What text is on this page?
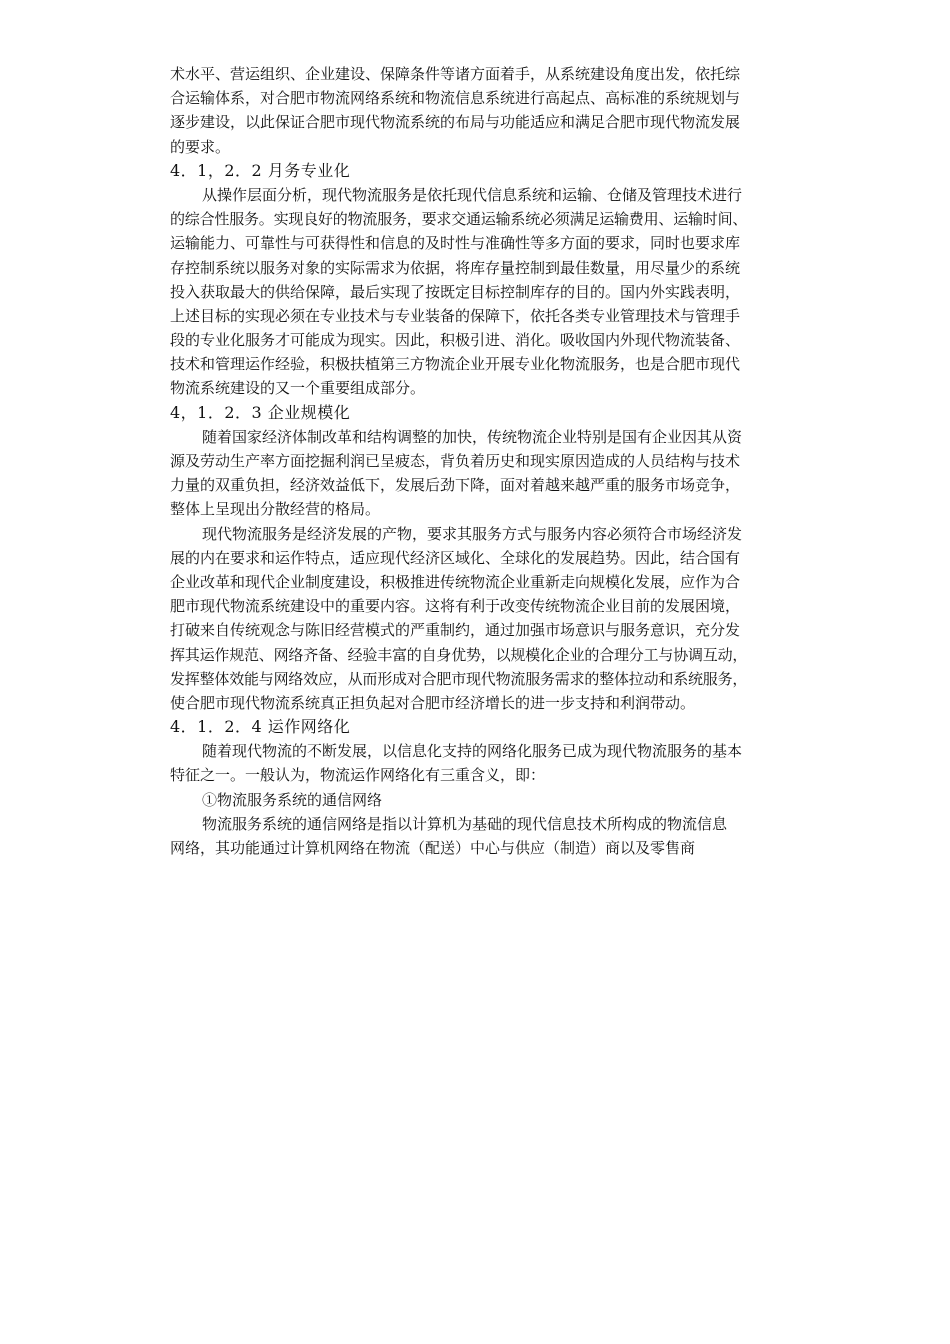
术水平、营运组织、企业建设、保障条件等诸方面着手，从系统建设角度出发，依托综
合运输体系，对合肥市物流网络系统和物流信息系统进行高起点、高标准的系统规划与
逐步建设，以此保证合肥市现代物流系统的布局与功能适应和满足合肥市现代物流发展
的要求。
4．1，2．2 月务专业化
从操作层面分析，现代物流服务是依托现代信息系统和运输、仓储及管理技术进行
的综合性服务。实现良好的物流服务，要求交通运输系统必须满足运输费用、运输时间、
运输能力、可靠性与可获得性和信息的及时性与准确性等多方面的要求，同时也要求库
存控制系统以服务对象的实际需求为依据，将库存量控制到最佳数量，用尽量少的系统
投入获取最大的供给保障，最后实现了按既定目标控制库存的目的。国内外实践表明，
上述目标的实现必须在专业技术与专业装备的保障下，依托各类专业管理技术与管理手
段的专业化服务才可能成为现实。因此，积极引进、消化。吸收国内外现代物流装备、
技术和管理运作经验，积极扶植第三方物流企业开展专业化物流服务，也是合肥市现代
物流系统建设的又一个重要组成部分。
4，1．2．3 企业规模化
随着国家经济体制改革和结构调整的加快，传统物流企业特别是国有企业因其从资
源及劳动生产率方面挖掘利润已呈疲态，背负着历史和现实原因造成的人员结构与技术
力量的双重负担，经济效益低下，发展后劲下降，面对着越来越严重的服务市场竞争，
整体上呈现出分散经营的格局。
现代物流服务是经济发展的产物，要求其服务方式与服务内容必须符合市场经济发
展的内在要求和运作特点，适应现代经济区域化、全球化的发展趋势。因此，结合国有
企业改革和现代企业制度建设，积极推进传统物流企业重新走向规模化发展，应作为合
肥市现代物流系统建设中的重要内容。这将有利于改变传统物流企业目前的发展困境，
打破来自传统观念与陈旧经营模式的严重制约，通过加强市场意识与服务意识，充分发
挥其运作规范、网络齐备、经验丰富的自身优势，以规模化企业的合理分工与协调互动，
发挥整体效能与网络效应，从而形成对合肥市现代物流服务需求的整体拉动和系统服务，
使合肥市现代物流系统真正担负起对合肥市经济增长的进一步支持和利润带动。
4．1．2．4 运作网络化
随着现代物流的不断发展，以信息化支持的网络化服务已成为现代物流服务的基本
特征之一。一般认为，物流运作网络化有三重含义，即：
①物流服务系统的通信网络
物流服务系统的通信网络是指以计算机为基础的现代信息技术所构成的物流信息
网络，其功能通过计算机网络在物流（配送）中心与供应（制造）商以及零售商
